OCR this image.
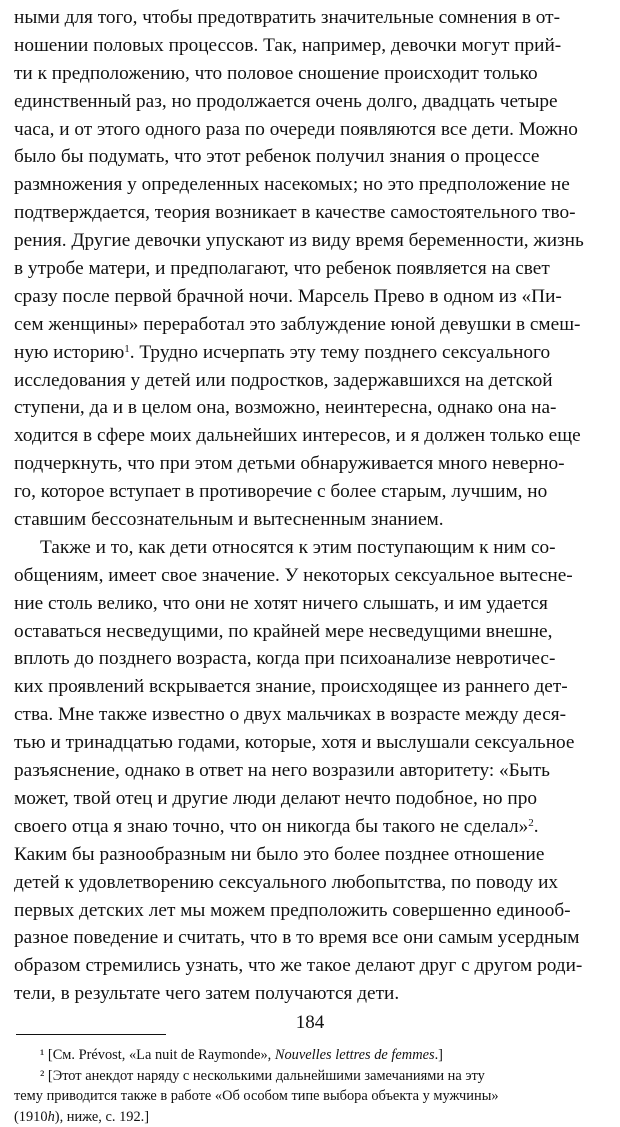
ными для того, чтобы предотвратить значительные сомнения в от-
ношении половых процессов. Так, например, девочки могут прий-
ти к предположению, что половое сношение происходит только
единственный раз, но продолжается очень долго, двадцать четыре
часа, и от этого одного раза по очереди появляются все дети. Можно
было бы подумать, что этот ребенок получил знания о процессе
размножения у определенных насекомых; но это предположение не
подтверждается, теория возникает в качестве самостоятельного тво-
рения. Другие девочки упускают из виду время беременности, жизнь
в утробе матери, и предполагают, что ребенок появляется на свет
сразу после первой брачной ночи. Марсель Прево в одном из «Пи-
сем женщины» переработал это заблуждение юной девушки в смеш-
ную историю$^1$. Трудно исчерпать эту тему позднего сексуального
исследования у детей или подростков, задержавшихся на детской
ступени, да и в целом она, возможно, неинтересна, однако она на-
ходится в сфере моих дальнейших интересов, и я должен только еще
подчеркнуть, что при этом детьми обнаруживается много неверно-
го, которое вступает в противоречие с более старым, лучшим, но
ставшим бессознательным и вытесненным знанием.
Также и то, как дети относятся к этим поступающим к ним со-
общениям, имеет свое значение. У некоторых сексуальное вытесне-
ние столь велико, что они не хотят ничего слышать, и им удается
оставаться несведущими, по крайней мере несведущими внешне,
вплоть до позднего возраста, когда при психоанализе невротичес-
ких проявлений вскрывается знание, происходящее из раннего дет-
ства. Мне также известно о двух мальчиках в возрасте между деся-
тью и тринадцатью годами, которые, хотя и выслушали сексуальное
разъяснение, однако в ответ на него возразили авторитету: «Быть
может, твой отец и другие люди делают нечто подобное, но про
своего отца я знаю точно, что он никогда бы такого не сделал»$^2$.
Каким бы разнообразным ни было это более позднее отношение
детей к удовлетворению сексуального любопытства, по поводу их
первых детских лет мы можем предположить совершенно единооб-
разное поведение и считать, что в то время все они самым усердным
образом стремились узнать, что же такое делают друг с другом роди-
тели, в результате чего затем получаются дети.
¹ [См. Prévost, «La nuit de Raymonde», Nouvelles lettres de femmes.]
² [Этот анекдот наряду с несколькими дальнейшими замечаниями на эту
тему приводится также в работе «Об особом типе выбора объекта у мужчины»
(1910h), ниже, с. 192.]
184
